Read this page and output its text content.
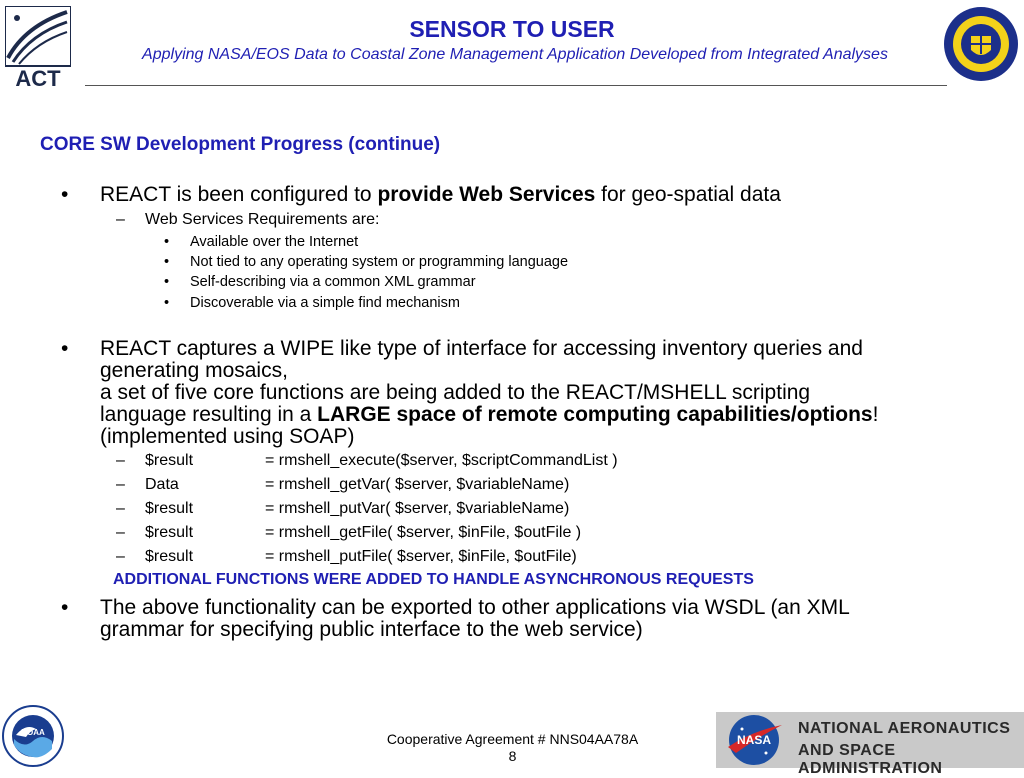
ACT
SENSOR TO USER
Applying NASA/EOS Data to Coastal Zone Management Application Developed from Integrated Analyses
CORE SW Development Progress (continue)
• REACT is been configured to provide Web Services for geo-spatial data
– Web Services Requirements are:
• Available over the Internet
• Not tied to any operating system or programming language
• Self-describing via a common XML grammar
• Discoverable via a simple find mechanism
• REACT captures a WIPE like type of interface for accessing inventory queries and
generating mosaics,
a set of five core functions are being added to the REACT/MSHELL scripting
language resulting in a LARGE space of remote computing capabilities/options!
(implemented using SOAP)
– $result	= rmshell_execute($server, $scriptCommandList )
– Data	= rmshell_getVar( $server, $variableName)
– $result	= rmshell_putVar( $server, $variableName)
– $result	= rmshell_getFile( $server, $inFile, $outFile )
– $result	= rmshell_putFile( $server, $inFile, $outFile)
ADDITIONAL FUNCTIONS WERE ADDED TO HANDLE ASYNCHRONOUS REQUESTS
• The above functionality can be exported to other applications via WSDL (an XML
grammar for specifying public interface to the web service)
NOAA	Cooperative Agreement # NNS04AA78A
8
NASA
NATIONAL AERONAUTICS
AND SPACE ADMINISTRATION
